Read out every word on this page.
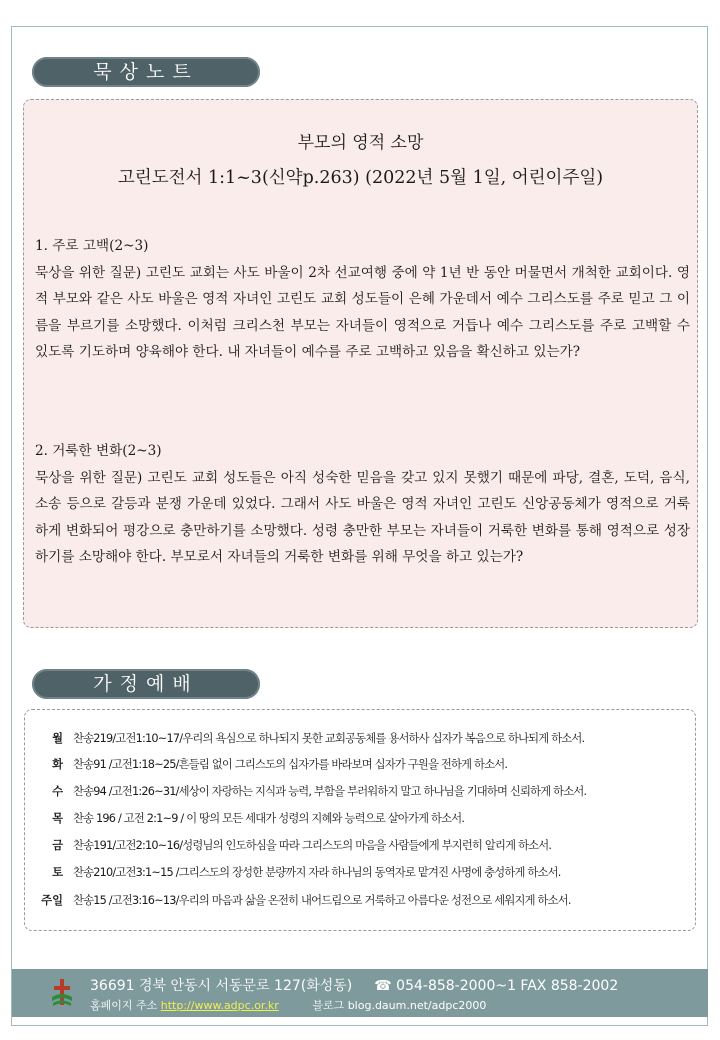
묵상노트
부모의 영적 소망
고린도전서 1:1~3(신약p.263) (2022년 5월 1일, 어린이주일)
1. 주로 고백(2~3)
묵상을 위한 질문) 고린도 교회는 사도 바울이 2차 선교여행 중에 약 1년 반 동안 머물면서 개척한 교회이다. 영적 부모와 같은 사도 바울은 영적 자녀인 고린도 교회 성도들이 은혜 가운데서 예수 그리스도를 주로 믿고 그 이름을 부르기를 소망했다. 이처럼 크리스천 부모는 자녀들이 영적으로 거듭나 예수 그리스도를 주로 고백할 수 있도록 기도하며 양육해야 한다. 내 자녀들이 예수를 주로 고백하고 있음을 확신하고 있는가?
2. 거룩한 변화(2~3)
묵상을 위한 질문) 고린도 교회 성도들은 아직 성숙한 믿음을 갖고 있지 못했기 때문에 파당, 결혼, 도덕, 음식, 소송 등으로 갈등과 분쟁 가운데 있었다. 그래서 사도 바울은 영적 자녀인 고린도 신앙공동체가 영적으로 거룩하게 변화되어 평강으로 충만하기를 소망했다. 성령 충만한 부모는 자녀들이 거룩한 변화를 통해 영적으로 성장하기를 소망해야 한다. 부모로서 자녀들의 거룩한 변화를 위해 무엇을 하고 있는가?
가정예배
월 찬송219/고전1:10~17/우리의 욕심으로 하나되지 못한 교회공동체를 용서하사 십자가 복음으로 하나되게 하소서.
화 찬송91 /고전1:18~25/흔들림 없이 그리스도의 십자가를 바라보며 십자가 구원을 전하게 하소서.
수 찬송94 /고전1:26~31/세상이 자랑하는 지식과 능력, 부함을 부러워하지 말고 하나님을 기대하며 신뢰하게 하소서.
목 찬송 196 / 고전 2:1~9 / 이 땅의 모든 세대가 성령의 지혜와 능력으로 살아가게 하소서.
금 찬송191/고전2:10~16/성령님의 인도하심을 따라 그리스도의 마음을 사람들에게 부지런히 알리게 하소서.
토 찬송210/고전3:1~15 /그리스도의 장성한 분량까지 자라 하나님의 동역자로 맡겨진 사명에 충성하게 하소서.
주일 찬송15 /고전3:16~13/우리의 마음과 삶을 온전히 내어드림으로 거룩하고 아름다운 성전으로 세워지게 하소서.
36691 경북 안동시 서동문로 127(화성동) ☎ 054-858-2000~1 FAX 858-2002
홈페이지 주소 http://www.adpc.or.kr	블로그 blog.daum.net/adpc2000
